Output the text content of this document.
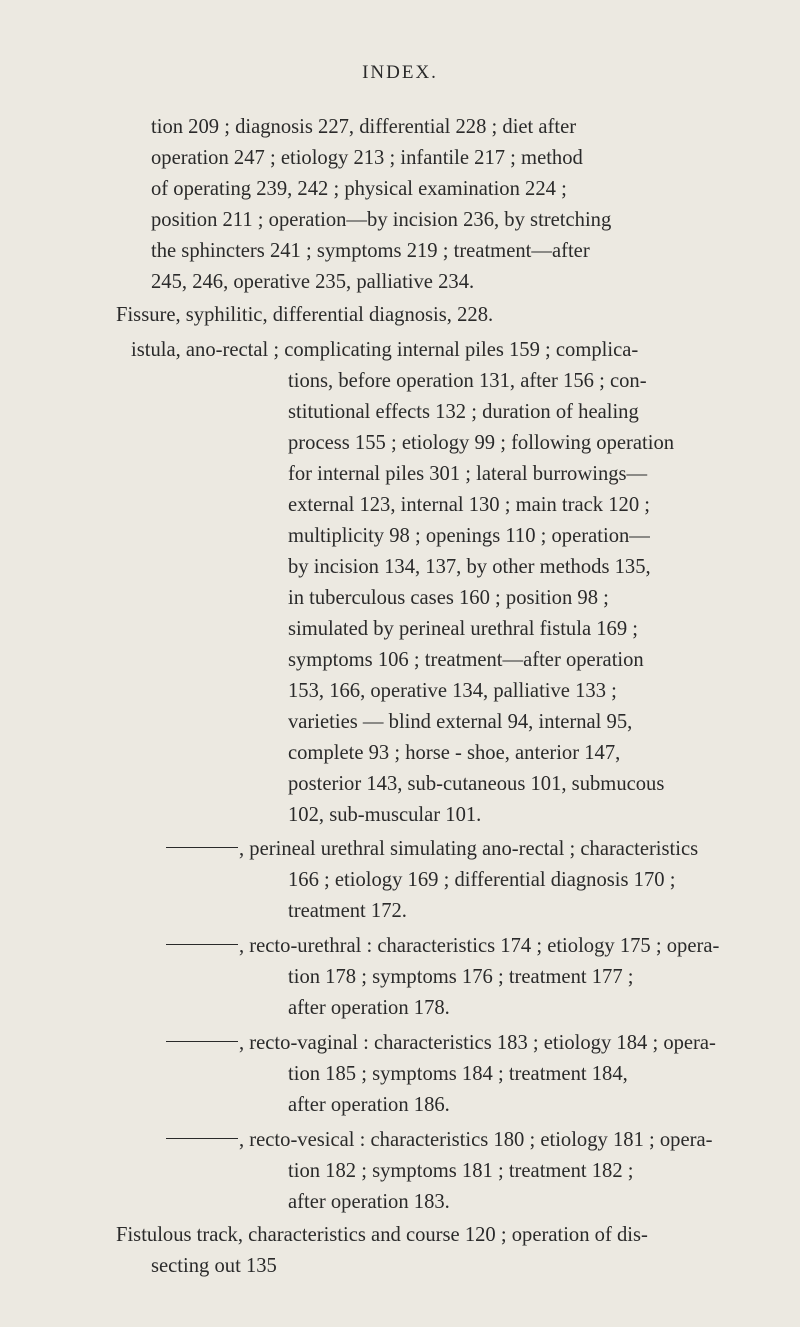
INDEX.
tion 209 ; diagnosis 227, differential 228 ; diet after
operation 247 ; etiology 213 ; infantile 217 ; method
of operating 239, 242 ; physical examination 224 ;
position 211 ; operation—by incision 236, by stretching
the sphincters 241 ; symptoms 219 ; treatment—after
245, 246, operative 235, palliative 234.
Fissure, syphilitic, differential diagnosis, 228.
istula, ano-rectal ; complicating internal piles 159 ; complica-
tions, before operation 131, after 156 ; con-
stitutional effects 132 ; duration of healing
process 155 ; etiology 99 ; following operation
for internal piles 301 ; lateral burrowings—
external 123, internal 130 ; main track 120 ;
multiplicity 98 ; openings 110 ; operation—
by incision 134, 137, by other methods 135,
in tuberculous cases 160 ; position 98 ;
simulated by perineal urethral fistula 169 ;
symptoms 106 ; treatment—after operation
153, 166, operative 134, palliative 133 ;
varieties — blind external 94, internal 95,
complete 93 ; horse - shoe, anterior 147,
posterior 143, sub-cutaneous 101, submucous
102, sub-muscular 101.
, perineal urethral simulating ano-rectal ; characteristics
166 ; etiology 169 ; differential diagnosis 170 ;
treatment 172.
, recto-urethral : characteristics 174 ; etiology 175 ; opera-
tion 178 ; symptoms 176 ; treatment 177 ;
after operation 178.
, recto-vaginal : characteristics 183 ; etiology 184 ; opera-
tion 185 ; symptoms 184 ; treatment 184,
after operation 186.
, recto-vesical : characteristics 180 ; etiology 181 ; opera-
tion 182 ; symptoms 181 ; treatment 182 ;
after operation 183.
Fistulous track, characteristics and course 120 ; operation of dis-
secting out 135
